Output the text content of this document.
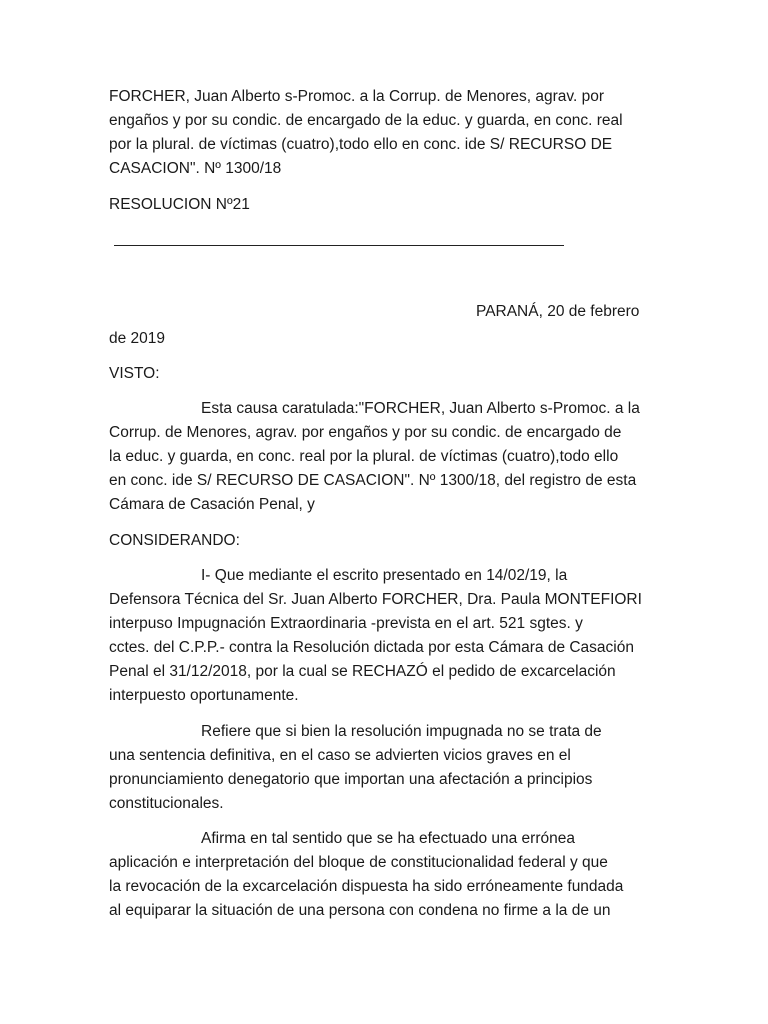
FORCHER, Juan Alberto s-Promoc. a la Corrup. de Menores, agrav. por
engaños y por su condic. de encargado de la educ. y guarda, en conc. real
por la plural. de víctimas (cuatro),todo ello en conc. ide S/ RECURSO DE
CASACION". Nº 1300/18
RESOLUCION Nº21
PARANÁ, 20 de febrero
de 2019
VISTO:
Esta causa caratulada:"FORCHER, Juan Alberto s-Promoc. a la
Corrup. de Menores, agrav. por engaños y por su condic. de encargado de
la educ. y guarda, en conc. real por la plural. de víctimas (cuatro),todo ello
en conc. ide S/ RECURSO DE CASACION". Nº 1300/18, del registro de esta
Cámara de Casación Penal, y
CONSIDERANDO:
I- Que mediante el escrito presentado en 14/02/19, la
Defensora Técnica del Sr. Juan Alberto FORCHER, Dra. Paula MONTEFIORI
interpuso Impugnación Extraordinaria -prevista en el art. 521 sgtes. y
cctes. del C.P.P.- contra la Resolución dictada por esta Cámara de Casación
Penal el 31/12/2018, por la cual se RECHAZÓ el pedido de excarcelación
interpuesto oportunamente.
Refiere que si bien la resolución impugnada no se trata de
una sentencia definitiva, en el caso se advierten vicios graves en el
pronunciamiento denegatorio que importan una afectación a principios
constitucionales.
Afirma en tal sentido que se ha efectuado una errónea
aplicación e interpretación del bloque de constitucionalidad federal y que
la revocación de la excarcelación dispuesta ha sido erróneamente fundada
al equiparar la situación de una persona con condena no firme a la de un
